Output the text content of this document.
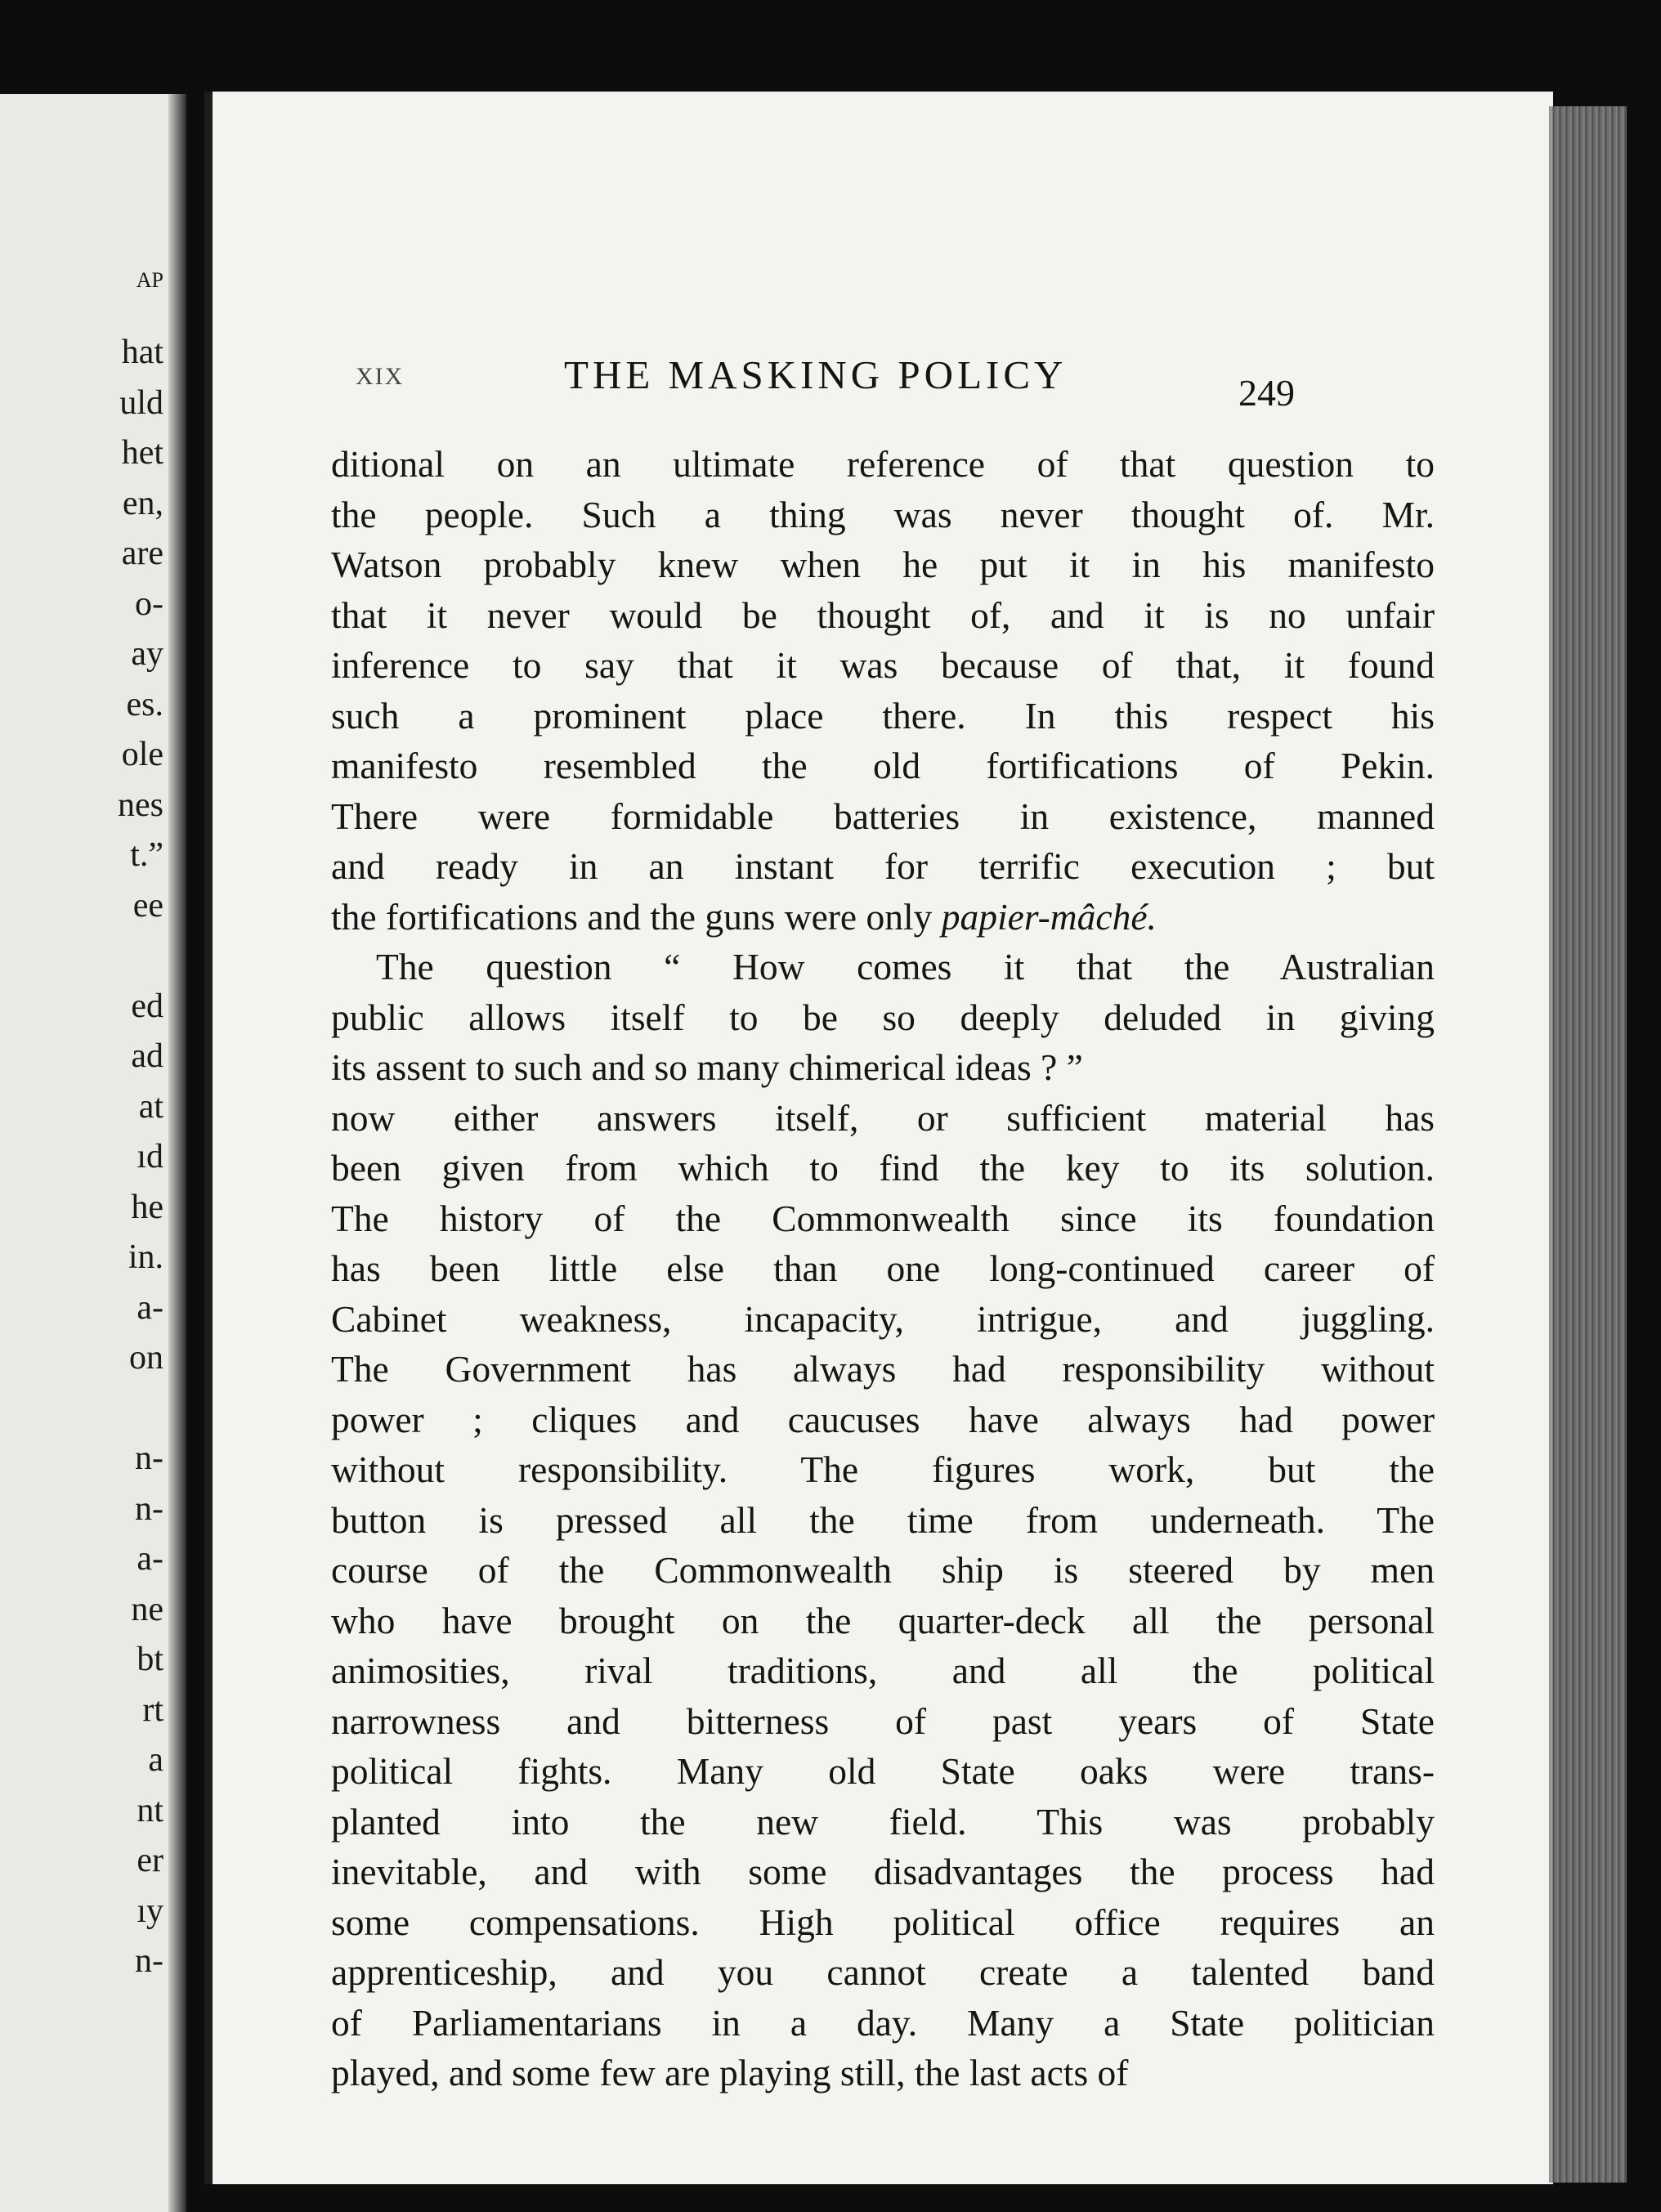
AP
hat
uld
het
en,
are
o-
ay
es.
ole
nes
t.”
ee
ed
ad
at
ıd
he
in.
a-
on
n-
n-
a-
ne
bt
rt
a
nt
er
ıy
n-
XIX	THE MASKING POLICY	249
ditional on an ultimate reference of that question to
the people. Such a thing was never thought of. Mr.
Watson probably knew when he put it in his manifesto
that it never would be thought of, and it is no unfair
inference to say that it was because of that, it found
such a prominent place there. In this respect his
manifesto resembled the old fortifications of Pekin.
There were formidable batteries in existence, manned
and ready in an instant for terrific execution ; but
the fortifications and the guns were only papier-mâché.
The question “ How comes it that the Australian
public allows itself to be so deeply deluded in giving
its assent to such and so many chimerical ideas ? ”
now either answers itself, or sufficient material has
been given from which to find the key to its solution.
The history of the Commonwealth since its foundation
has been little else than one long-continued career of
Cabinet weakness, incapacity, intrigue, and juggling.
The Government has always had responsibility without
power ; cliques and caucuses have always had power
without responsibility. The figures work, but the
button is pressed all the time from underneath. The
course of the Commonwealth ship is steered by men
who have brought on the quarter-deck all the personal
animosities, rival traditions, and all the political
narrowness and bitterness of past years of State
political fights. Many old State oaks were trans-
planted into the new field. This was probably
inevitable, and with some disadvantages the process had
some compensations. High political office requires an
apprenticeship, and you cannot create a talented band
of Parliamentarians in a day. Many a State politician
played, and some few are playing still, the last acts of
